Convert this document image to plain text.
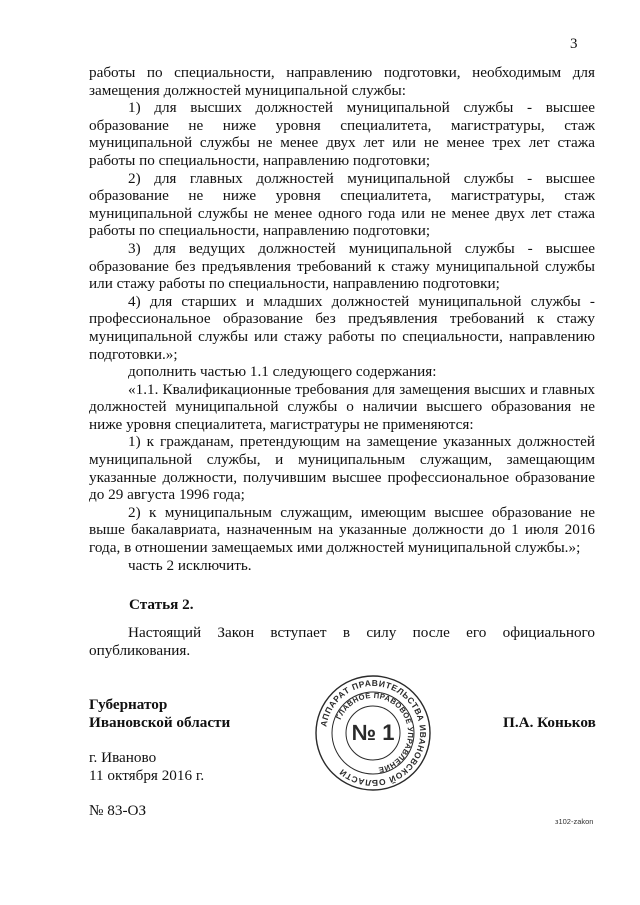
3

работы по специальности, направлению подготовки, необходимым для замещения должностей муниципальной службы:

1) для высших должностей муниципальной службы - высшее образование не ниже уровня специалитета, магистратуры, стаж муниципальной службы не менее двух лет или не менее трех лет стажа работы по специальности, направлению подготовки;

2) для главных должностей муниципальной службы - высшее образование не ниже уровня специалитета, магистратуры, стаж муниципальной службы не менее одного года или не менее двух лет стажа работы по специальности, направлению подготовки;

3) для ведущих должностей муниципальной службы - высшее образование без предъявления требований к стажу муниципальной службы или стажу работы по специальности, направлению подготовки;

4) для старших и младших должностей муниципальной службы - профессиональное образование без предъявления требований к стажу муниципальной службы или стажу работы по специальности, направлению подготовки.»;

дополнить частью 1.1 следующего содержания:

«1.1. Квалификационные требования для замещения высших и главных должностей муниципальной службы о наличии высшего образования не ниже уровня специалитета, магистратуры не применяются:

1) к гражданам, претендующим на замещение указанных должностей муниципальной службы, и муниципальным служащим, замещающим указанные должности, получившим высшее профессиональное образование до 29 августа 1996 года;

2) к муниципальным служащим, имеющим высшее образование не выше бакалавриата, назначенным на указанные должности до 1 июля 2016 года, в отношении замещаемых ими должностей муниципальной службы.»;

часть 2 исключить.

Статья 2.

Настоящий Закон вступает в силу после его официального опубликования.

Губернатор
Ивановской области	АППАРАТ ПРАВИТЕЛЬСТВА ИВАНОВСКОЙ ОБЛАСТИ
ГЛАВНОЕ ПРАВОВОЕ УПРАВЛЕНИЕ
№ 1	П.А. Коньков
г. Иваново
11 октября 2016 г.
№ 83-ОЗ
з102-zakon
